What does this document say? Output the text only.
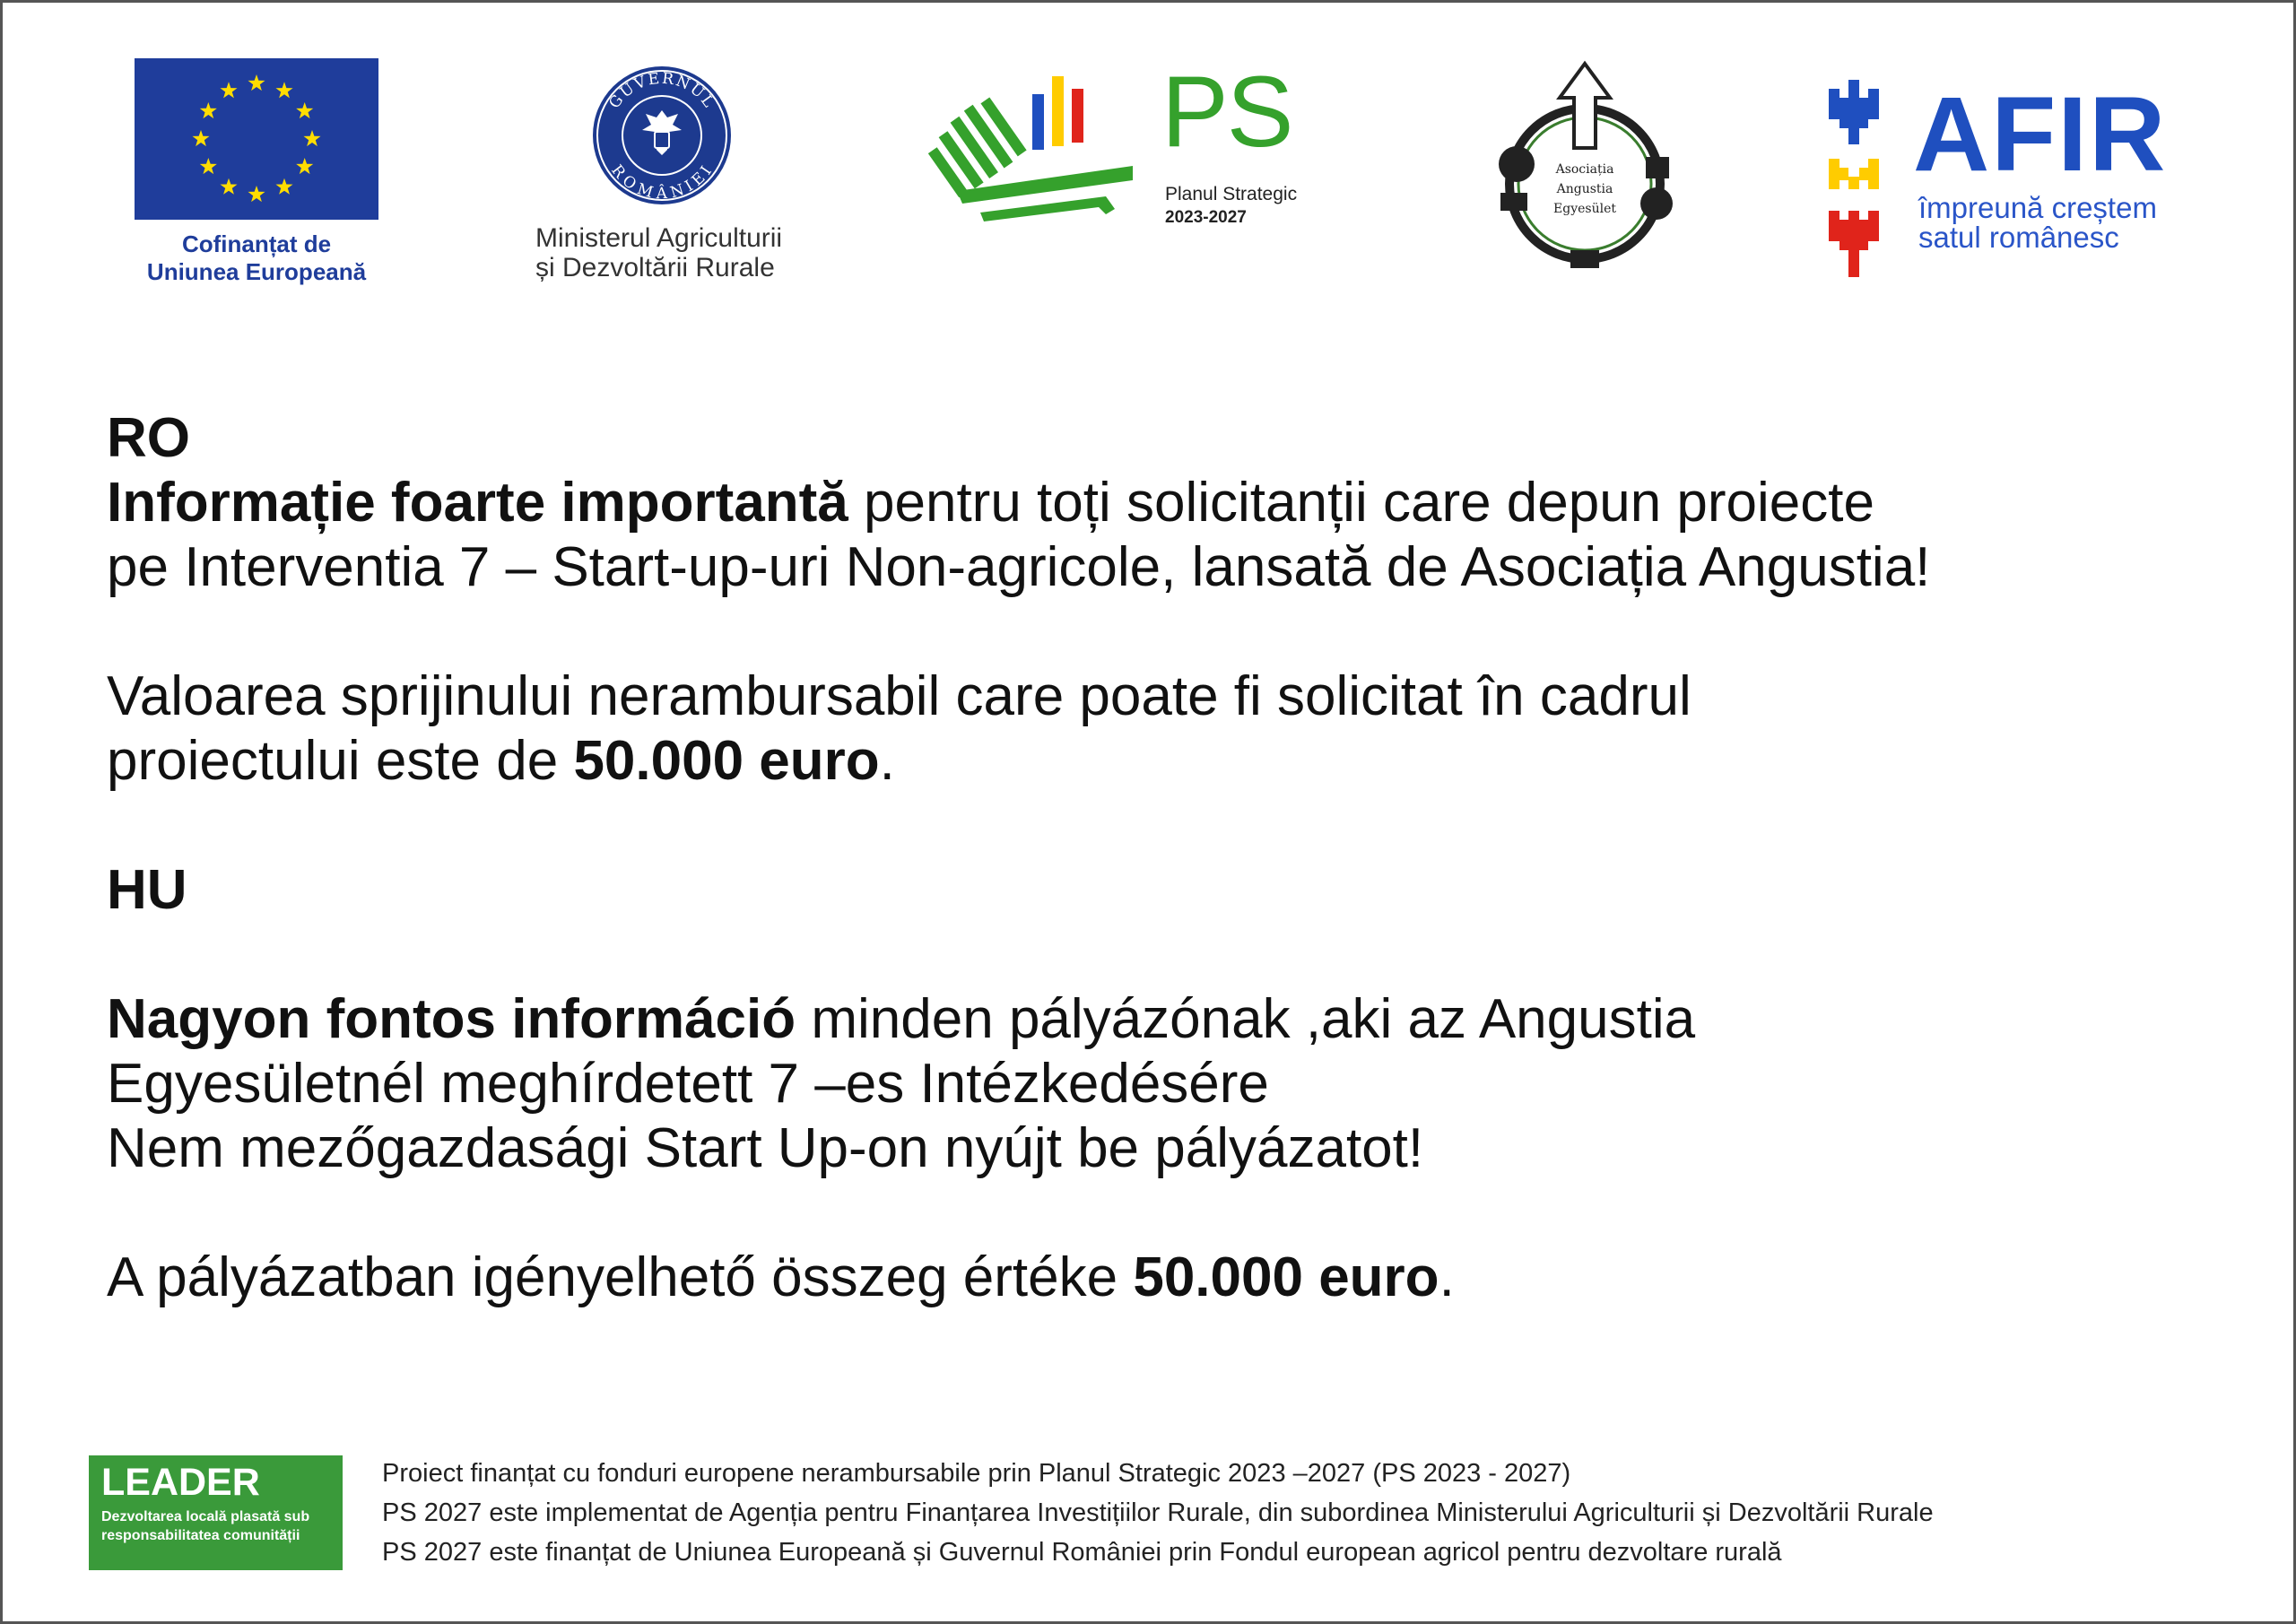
Cofinanțat de
Uniunea Europeană
GUVERNUL
ROMÂNIEI
Ministerul Agriculturii
și Dezvoltării Rurale
PS
Planul Strategic
2023-2027
Asociația
Angustia
Egyesület
AFIR
împreună creștem
satul românesc

RO

Informație foarte importantă pentru toți solicitanții care depun proiecte

pe Interventia 7 – Start-up-uri Non-agricole, lansată de Asociația Angustia!

Valoarea sprijinului nerambursabil care poate fi solicitat în cadrul

proiectului este de 50.000 euro.

HU

Nagyon fontos információ minden pályázónak ,aki az Angustia

Egyesületnél meghírdetett 7 –es Intézkedésére

Nem mezőgazdasági Start Up-on nyújt be pályázatot!

A pályázatban igényelhető összeg értéke 50.000 euro.

LEADER
Dezvoltarea locală plasată sub responsabilitatea comunității
Proiect finanțat cu fonduri europene nerambursabile prin Planul Strategic 2023 –2027 (PS 2023 - 2027)
PS 2027 este implementat de Agenția pentru Finanțarea Investițiilor Rurale, din subordinea Ministerului Agriculturii și Dezvoltării Rurale
PS 2027 este finanțat de Uniunea Europeană și Guvernul României prin Fondul european agricol pentru dezvoltare rurală
